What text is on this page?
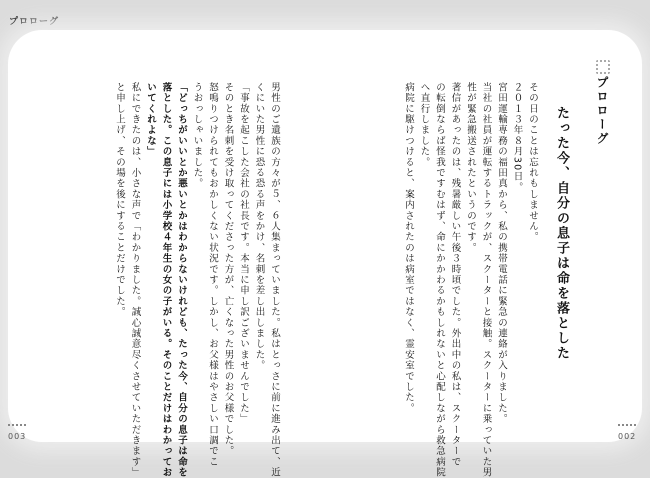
プロローグ
プロローグ
たった今、自分の息子は命を落とした

その日のことは忘れもしません。

２０１３年８月30日。

宮田運輸専務の福田真から、私の携帯電話に緊急の連絡が入りました。

当社の社員が運転するトラックが、スクーターと接触。スクーターに乗っていた男

性が緊急搬送されたというのです。

著信があったのは、残暑厳しい午後３時頃でした。外出中の私は、スクーターで

の転倒ならば怪我ですむはず、命にかかわるかもしれないと心配しながら救急病院

へ直行しました。

病院に駆けつけると、案内されたのは病室ではなく、霊安室でした。

002

男性のご遺族の方々が５、６人集まっていました。私はとっさに前に進み出て、近

くにいた男性に恐る恐る声をかけ、名刺を差し出しました。

「事故を起こした会社の社長です。本当に申し訳ございませんでした」

そのとき名刺を受け取ってくださった方が、亡くなった男性のお父様でした。

怒鳴りつけられてもおかしくない状況です。しかし、お父様はやさしい口調でこ

うおっしゃいました。

「どっちがいいとか悪いとかはわからないけれども、たった今、自分の息子は命を

落とした。この息子には小学校４年生の女の子がいる。そのことだけはわかってお

いてくれよな」

私にできたのは、小さな声で「わかりました。誠心誠意尽くさせていただきます」

と申し上げ、その場を後にすることだけでした。

003
